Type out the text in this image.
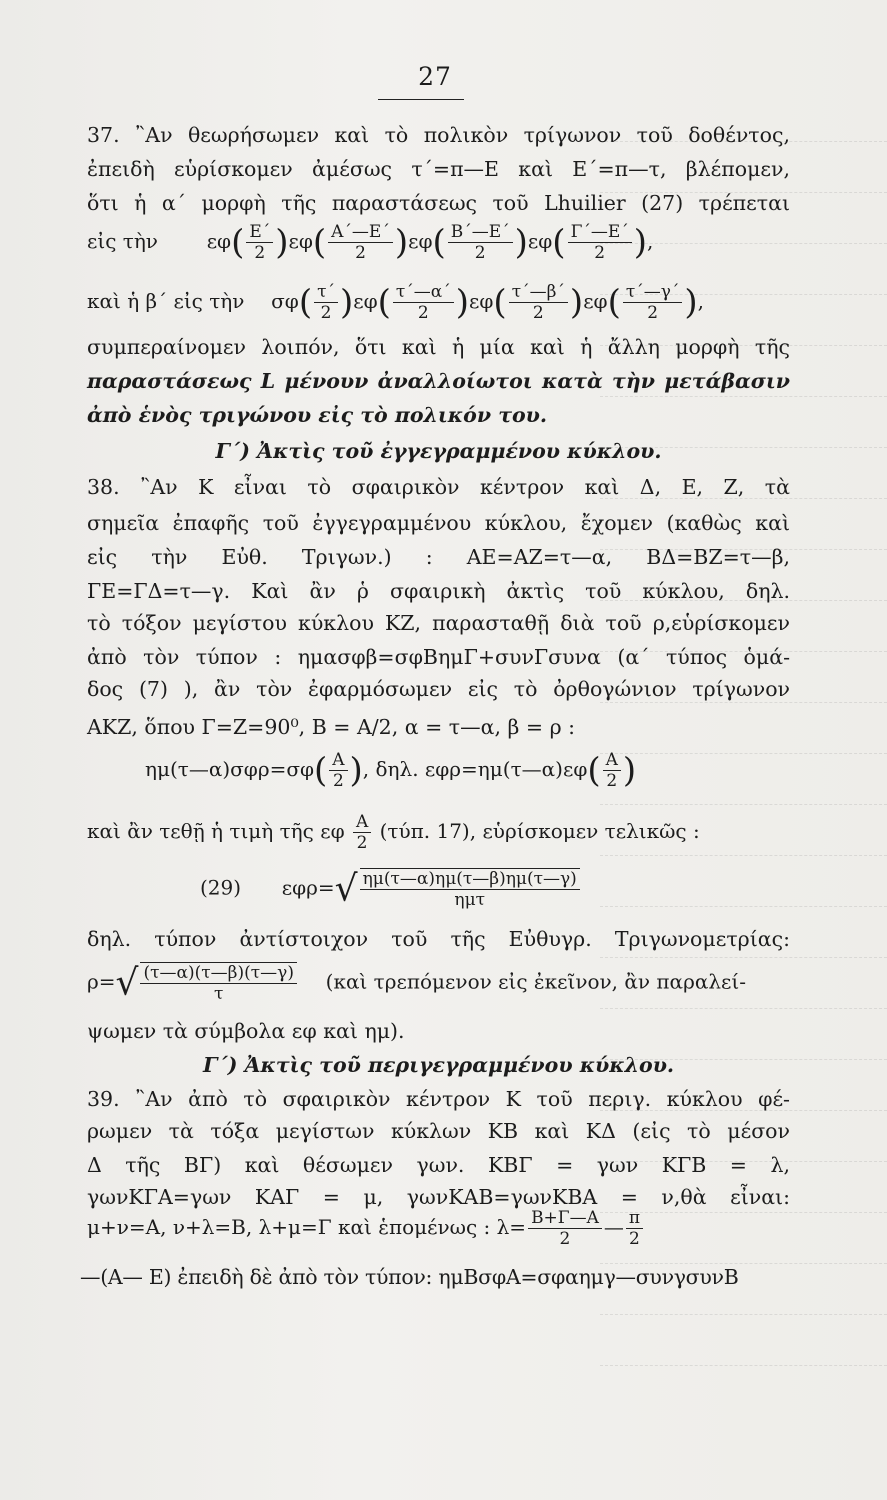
27
37. ῍Αν θεωρήσωμεν καὶ τὸ πολικὸν τρίγωνον τοῦ δοθέντος,
ἐπειδὴ εὑρίσκομεν ἀμέσως τ΄=π—Ε καὶ Ε΄=π—τ, βλέπομεν,
ὅτι ἡ α΄ μορφὴ τῆς παραστάσεως τοῦ Lhuilier (27) τρέπεται
εἰς τὴν $\varepsilon\varphi( \frac{E΄}{2} )\varepsilon\varphi( \frac{A΄—E΄}{2} )\varepsilon\varphi( \frac{B΄—E΄}{2} )\varepsilon\varphi( \frac{\Gamma΄—E΄}{2}$ ),
καὶ ἡ β΄ εἰς τὴν $\sigma\varphi( \frac{\tau΄}{2} )\varepsilon\varphi( \frac{\tau΄—\alpha΄}{2} )\varepsilon\varphi( \frac{\tau΄—\beta΄}{2} )\varepsilon\varphi( \frac{\tau΄—\gamma΄}{2}$ ),
συμπεραίνομεν λοιπόν, ὅτι καὶ ἡ μία καὶ ἡ ἄλλη μορφὴ τῆς
παραστάσεως L μένουν ἀναλλοίωτοι κατὰ τὴν μετάβασιν
ἀπὸ ἑνὸς τριγώνου εἰς τὸ πολικόν του.
Γ΄) Ἀκτὶς τοῦ ἐγγεγραμμένου κύκλου.
38. ῍Αν Κ εἶναι τὸ σφαιρικὸν κέντρον καὶ Δ, Ε, Ζ, τὰ
σημεῖα ἐπαφῆς τοῦ ἐγγεγραμμένου κύκλου, ἔχομεν (καθὼς καὶ
εἰς τὴν Εὐθ. Τριγων.) : ΑΕ=ΑΖ=τ—α, ΒΔ=ΒΖ=τ—β,
ΓΕ=ΓΔ=τ—γ. Καὶ ἂν ῥ σφαιρικὴ ἀκτὶς τοῦ κύκλου, δηλ.
τὸ τόξον μεγίστου κύκλου ΚΖ, παρασταθῇ διὰ τοῦ ρ,εὑρίσκομεν
ἀπὸ τὸν τύπον : ημασφβ=σφΒημΓ+συνΓσυνα (α΄ τύπος ὁμά-
δος (7) ), ἂν τὸν ἐφαρμόσωμεν εἰς τὸ ὀρθογώνιον τρίγωνον
ΑΚΖ, ὅπου Γ=Ζ=90⁰, Β = Α/2, α = τ—α, β = ρ :
ημ(τ—α)σφρ=σφ( $\frac{A}{2}$ ), δηλ. εφρ=ημ(τ—α)εφ( $\frac{A}{2}$ )
καὶ ἂν τεθῇ ἡ τιμὴ τῆς εφ $\frac{A}{2} (\tau ύ\pi$. 17), εὑρίσκομεν τελικῶς :
(29) $\varepsilon\varphi\rho=√ \frac{\eta\mu(\tau—\alpha)\eta\mu(\tau—\beta)\eta\mu(\tau—\gamma)}{\text{ημτ}}$
δηλ. τύπον ἀντίστοιχον τοῦ τῆς Εὐθυγρ. Τριγωνομετρίας:
$\rho=√ \frac{(\tau—\alpha)(\tau—\beta)(\tau—\gamma)}{\tau}$ (καὶ τρεπόμενον εἰς ἐκεῖνον, ἂν παραλεί-
ψωμεν τὰ σύμβολα εφ καὶ ημ).
Γ΄) Ἀκτὶς τοῦ περιγεγραμμένου κύκλου.
39. ῍Αν ἀπὸ τὸ σφαιρικὸν κέντρον Κ τοῦ περιγ. κύκλου φέ-
ρωμεν τὰ τόξα μεγίστων κύκλων ΚΒ καὶ ΚΔ (εἰς τὸ μέσον
Δ τῆς ΒΓ) καὶ θέσωμεν γων. ΚΒΓ = γων ΚΓΒ = λ,
γωνΚΓΑ=γων ΚΑΓ = μ, γωνΚΑΒ=γωνΚΒΑ = ν,θὰ εἶναι:
μ+ν=Α, ν+λ=Β, λ+μ=Γ καὶ ἑπομένως : $\lambda= \frac{B+\Gamma—A}{2}$ — $\frac{\pi}{2}$
—(Α— Ε) ἐπειδὴ δὲ ἀπὸ τὸν τύπον: ημΒσφΑ=σφαημγ—συνγσυνΒ
